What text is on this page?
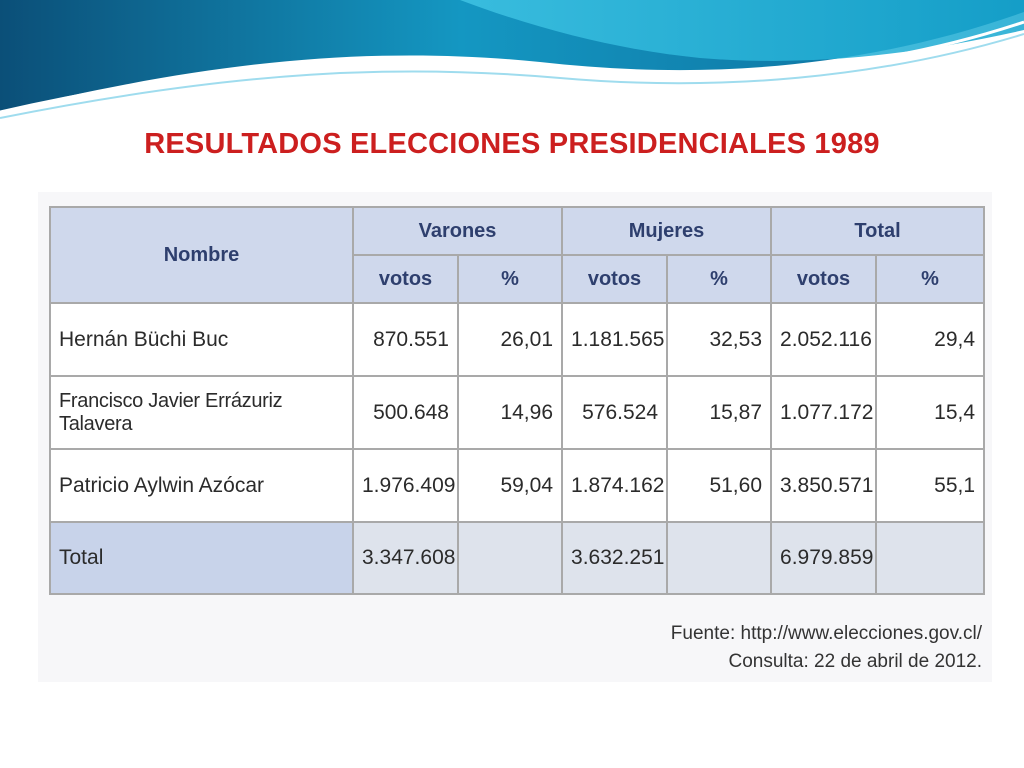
RESULTADOS ELECCIONES PRESIDENCIALES 1989
Nombre	Varones		Mujeres		Total	
	votos	%	votos	%	votos	%
Hernán Büchi Buc	870.551	26,01	1.181.565	32,53	2.052.116	29,4
Francisco Javier Errázuriz Talavera	500.648	14,96	576.524	15,87	1.077.172	15,4
Patricio Aylwin Azócar	1.976.409	59,04	1.874.162	51,60	3.850.571	55,1
Total	3.347.608		3.632.251		6.979.859	
Fuente: http://www.elecciones.gov.cl/
Consulta: 22 de abril de 2012.
